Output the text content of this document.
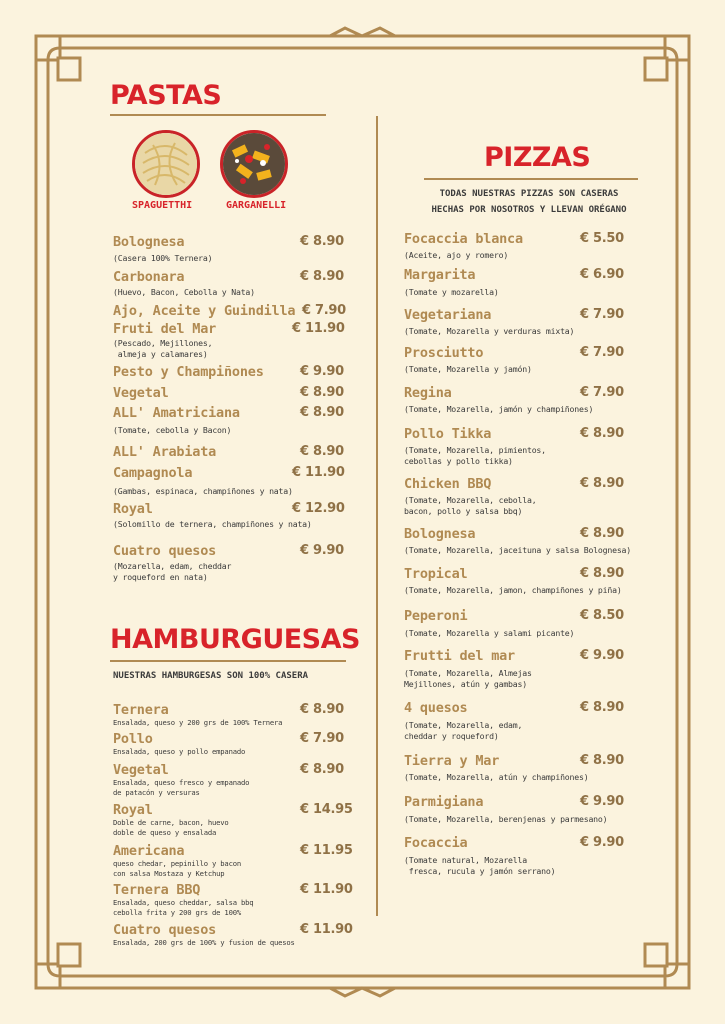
PASTAS
SPAGUETTHI	GARGANELLI
Bolognesa	€ 8.90
(Casera 100% Ternera)
Carbonara	€ 8.90
(Huevo, Bacon, Cebolla y Nata)
Ajo, Aceite y Guindilla € 7.90
Fruti del Mar	€ 11.90
(Pescado, Mejillones,
almeja y calamares)
Pesto y Champiñones	€ 9.90
Vegetal	€ 8.90
ALL' Amatriciana	€ 8.90
(Tomate, cebolla y Bacon)
ALL' Arabiata	€ 8.90
Campagnola	€ 11.90
(Gambas, espinaca, champiñones y nata)
Royal	€ 12.90
(Solomillo de ternera, champiñones y nata)
Cuatro quesos	€ 9.90
(Mozarella, edam, cheddar
y roqueford en nata)
HAMBURGUESAS
NUESTRAS HAMBURGESAS SON 100% CASERA
Ternera	€ 8.90
Ensalada, queso y 200 grs de 100% Ternera
Pollo	€ 7.90
Ensalada, queso y pollo empanado
Vegetal	€ 8.90
Ensalada, queso fresco y empanado
de patacón y versuras
Royal	€ 14.95
Doble de carne, bacon, huevo
doble de queso y ensalada
Americana	€ 11.95
queso chedar, pepinillo y bacon
con salsa Mostaza y Ketchup
Ternera BBQ	€ 11.90
Ensalada, queso cheddar, salsa bbq
cebolla frita y 200 grs de 100%
Cuatro quesos	€ 11.90
Ensalada, 200 grs de 100% y fusion de quesos
PIZZAS
TODAS NUESTRAS PIZZAS SON CASERAS
HECHAS POR NOSOTROS Y LLEVAN ORÉGANO
Focaccia blanca	€ 5.50
(Aceite, ajo y romero)
Margarita	€ 6.90
(Tomate y mozarella)
Vegetariana	€ 7.90
(Tomate, Mozarella y verduras mixta)
Prosciutto	€ 7.90
(Tomate, Mozarella y jamón)
Regina	€ 7.90
(Tomate, Mozarella, jamón y champiñones)
Pollo Tikka	€ 8.90
(Tomate, Mozarella, pimientos,
cebollas y pollo tikka)
Chicken BBQ	€ 8.90
(Tomate, Mozarella, cebolla,
bacon, pollo y salsa bbq)
Bolognesa	€ 8.90
(Tomate, Mozarella, jaceituna y salsa Bolognesa)
Tropical	€ 8.90
(Tomate, Mozarella, jamon, champiñones y piña)
Peperoni	€ 8.50
(Tomate, Mozarella y salami picante)
Frutti del mar	€ 9.90
(Tomate, Mozarella, Almejas
Mejillones, atún y gambas)
4 quesos	€ 8.90
(Tomate, Mozarella, edam,
cheddar y roqueford)
Tierra y Mar	€ 8.90
(Tomate, Mozarella, atún y champiñones)
Parmigiana	€ 9.90
(Tomate, Mozarella, berenjenas y parmesano)
Focaccia	€ 9.90
(Tomate natural, Mozarella
fresca, rucula y jamón serrano)
